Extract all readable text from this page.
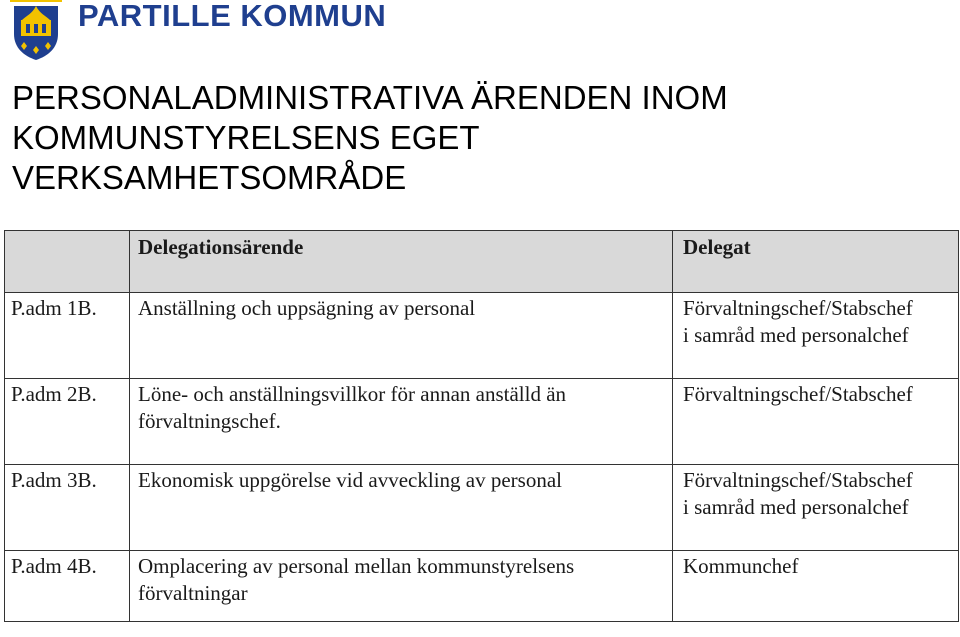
PARTILLE KOMMUN
PERSONALADMINISTRATIVA ÄRENDEN INOM
KOMMUNSTYRELSENS EGET
VERKSAMHETSOMRÅDE
	Delegationsärende	Delegat
P.adm 1B.	Anställning och uppsägning av personal	Förvaltningschef/Stabschef
i samråd med personalchef

P.adm 2B.	Löne- och anställningsvillkor för annan anställd än
förvaltningschef.	Förvaltningschef/Stabschef

P.adm 3B.	Ekonomisk uppgörelse vid avveckling av personal	Förvaltningschef/Stabschef
i samråd med personalchef

P.adm 4B.	Omplacering av personal mellan kommunstyrelsens
förvaltningar	Kommunchef
